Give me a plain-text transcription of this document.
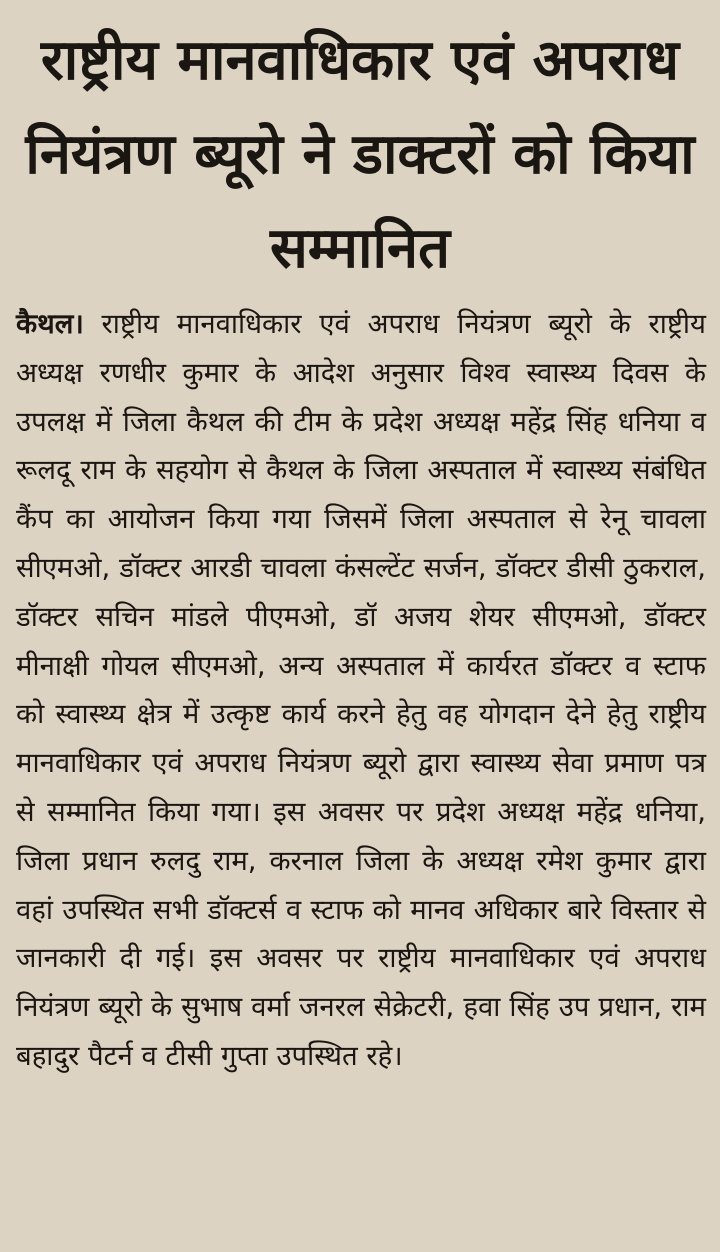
राष्ट्रीय मानवाधिकार एवं अपराध नियंत्रण ब्यूरो ने डाक्टरों को किया सम्मानित

कैथल। राष्ट्रीय मानवाधिकार एवं अपराध नियंत्रण ब्यूरो के राष्ट्रीय अध्यक्ष रणधीर कुमार के आदेश अनुसार विश्व स्वास्थ्य दिवस के उपलक्ष में जिला कैथल की टीम के प्रदेश अध्यक्ष महेंद्र सिंह धनिया व रूलदू राम के सहयोग से कैथल के जिला अस्पताल में स्वास्थ्य संबंधित कैंप का आयोजन किया गया जिसमें जिला अस्पताल से रेनू चावला सीएमओ, डॉक्टर आरडी चावला कंसल्टेंट सर्जन, डॉक्टर डीसी ठुकराल, डॉक्टर सचिन मांडले पीएमओ, डॉ अजय शेयर सीएमओ, डॉक्टर मीनाक्षी गोयल सीएमओ, अन्य अस्पताल में कार्यरत डॉक्टर व स्टाफ को स्वास्थ्य क्षेत्र में उत्कृष्ट कार्य करने हेतु वह योगदान देने हेतु राष्ट्रीय मानवाधिकार एवं अपराध नियंत्रण ब्यूरो द्वारा स्वास्थ्य सेवा प्रमाण पत्र से सम्मानित किया गया। इस अवसर पर प्रदेश अध्यक्ष महेंद्र धनिया, जिला प्रधान रुलदु राम, करनाल जिला के अध्यक्ष रमेश कुमार द्वारा वहां उपस्थित सभी डॉक्टर्स व स्टाफ को मानव अधिकार बारे विस्तार से जानकारी दी गई। इस अवसर पर राष्ट्रीय मानवाधिकार एवं अपराध नियंत्रण ब्यूरो के सुभाष वर्मा जनरल सेक्रेटरी, हवा सिंह उप प्रधान, राम बहादुर पैटर्न व टीसी गुप्ता उपस्थित रहे।
